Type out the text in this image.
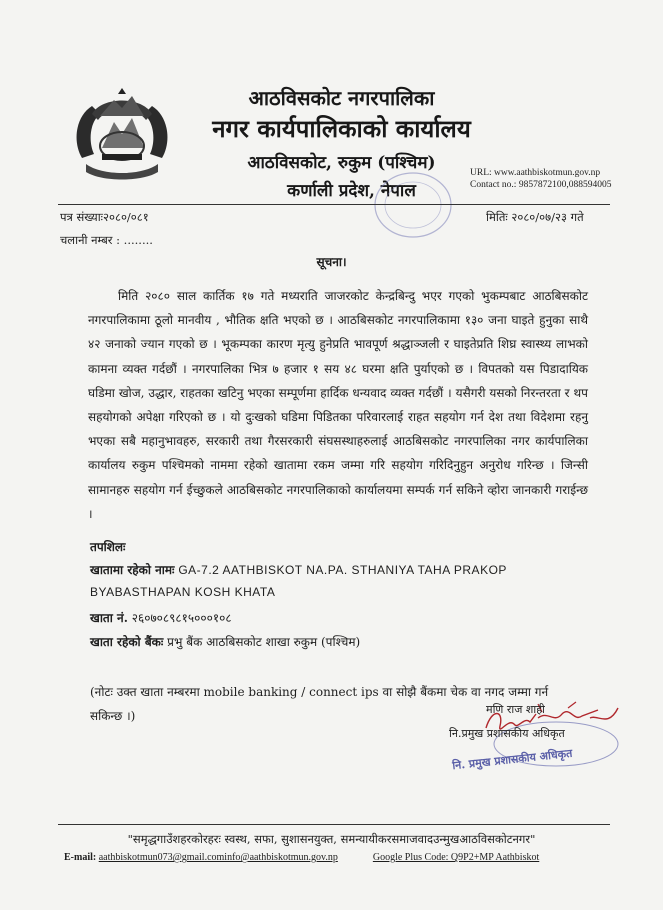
आठविसकोट नगरपालिका
नगर कार्यपालिकाको कार्यालय
आठविसकोट, रुकुम (पश्चिम)
कर्णाली प्रदेश, नेपाल
URL: www.aathbiskotmun.gov.np
Contact no.: 9857872100,088594005
पत्र संख्याः२०८०/०८१	मितिः २०८०/०७/२३ गते
चलानी नम्बर : ........
सूचना।
मिति २०८० साल कार्तिक १७ गते मध्यराति जाजरकोट केन्द्रबिन्दु भएर गएको भुकम्पबाट आठबिसकोट नगरपालिकामा ठूलो मानवीय , भौतिक क्षति भएको छ । आठबिसकोट नगरपालिकामा १३० जना घाइते हुनुका साथै ४२ जनाको ज्यान गएको छ । भूकम्पका कारण मृत्यु हुनेप्रति भावपूर्ण श्रद्धाञ्जली र घाइतेप्रति शिघ्र स्वास्थ्य लाभको कामना व्यक्त गर्दछौं । नगरपालिका भित्र ७ हजार १ सय ४८ घरमा क्षति पुर्याएको छ । विपतको यस पिडादायिक घडिमा खोज, उद्धार, राहतका खटिनु भएका सम्पूर्णमा हार्दिक धन्यवाद व्यक्त गर्दछौं । यसैगरी यसको निरन्तरता र थप सहयोगको अपेक्षा गरिएको छ । यो दुःखको घडिमा पिडितका परिवारलाई राहत सहयोग गर्न देश तथा विदेशमा रहनु भएका सबै महानुभावहरु, सरकारी तथा गैरसरकारी संघसस्थाहरुलाई आठबिसकोट नगरपालिका नगर कार्यपालिका कार्यालय रुकुम पश्चिमको नाममा रहेको खातामा रकम जम्मा गरि सहयोग गरिदिनुहुन अनुरोध गरिन्छ । जिन्सी सामानहरु सहयोग गर्न ईच्छुकले आठबिसकोट नगरपालिकाको कार्यालयमा सम्पर्क गर्न सकिने व्होरा जानकारी गराईन्छ ।
तपशिलः
खातामा रहेको नामः GA-7.2 AATHBISKOT NA.PA. STHANIYA TAHA PRAKOP
BYABASTHAPAN KOSH KHATA
खाता नं. २६०७०८९८१५०००१०८
खाता रहेको बैंकः प्रभु बैंक आठबिसकोट शाखा रुकुम (पश्चिम)
(नोटः उक्त खाता नम्बरमा mobile banking / connect ips वा सोझै बैंकमा चेक वा नगद जम्मा गर्न
सकिन्छ ।)	मणि राज शाही
नि.प्रमुख प्रशासकीय अधिकृत
नि. प्रमुख प्रशासकीय अधिकृत
"समृद्धगाउँशहरकोरहरः स्वस्थ, सफा, सुशासनयुक्त, समन्यायीकरसमाजवादउन्मुखआठविसकोटनगर"
E-mail: aathbiskotmun073@gmail.cominfo@aathbiskotmun.gov.np	Google Plus Code: Q9P2+MP Aathbiskot
